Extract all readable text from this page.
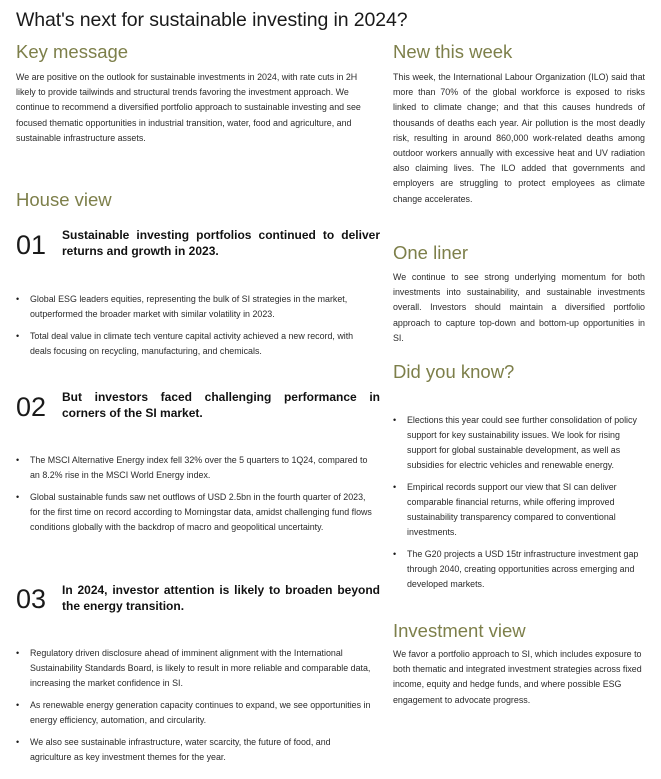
What's next for sustainable investing in 2024?
Key message

We are positive on the outlook for sustainable investments in 2024, with rate cuts in 2H likely to provide tailwinds and structural trends favoring the investment approach. We continue to recommend a diversified portfolio approach to sustainable investing and see focused thematic opportunities in industrial transition, water, food and agriculture, and sustainable infrastructure assets.

House view
01 Sustainable investing portfolios continued to deliver returns and growth in 2023.
• Global ESG leaders equities, representing the bulk of SI strategies in the market, outperformed the broader market with similar volatility in 2023.
• Total deal value in climate tech venture capital activity achieved a new record, with deals focusing on recycling, manufacturing, and chemicals.
02 But investors faced challenging performance in corners of the SI market.
• The MSCI Alternative Energy index fell 32% over the 5 quarters to 1Q24, compared to an 8.2% rise in the MSCI World Energy index.
• Global sustainable funds saw net outflows of USD 2.5bn in the fourth quarter of 2023, for the first time on record according to Morningstar data, amidst challenging fund flows conditions globally with the backdrop of macro and geopolitical uncertainty.
03 In 2024, investor attention is likely to broaden beyond the energy transition.
• Regulatory driven disclosure ahead of imminent alignment with the International Sustainability Standards Board, is likely to result in more reliable and comparable data, increasing the market confidence in SI.
• As renewable energy generation capacity continues to expand, we see opportunities in energy efficiency, automation, and circularity.
• We also see sustainable infrastructure, water scarcity, the future of food, and agriculture as key investment themes for the year.
New this week

This week, the International Labour Organization (ILO) said that more than 70% of the global workforce is exposed to risks linked to climate change; and that this causes hundreds of thousands of deaths each year. Air pollution is the most deadly risk, resulting in around 860,000 work-related deaths among outdoor workers annually with excessive heat and UV radiation also claiming lives. The ILO added that governments and employers are struggling to protect employees as climate change accelerates.

One liner

We continue to see strong underlying momentum for both investments into sustainability, and sustainable investments overall. Investors should maintain a diversified portfolio approach to capture top-down and bottom-up opportunities in SI.

Did you know?
• Elections this year could see further consolidation of policy support for key sustainability issues. We look for rising support for global sustainable development, as well as subsidies for electric vehicles and renewable energy.
• Empirical records support our view that SI can deliver comparable financial returns, while offering improved sustainability transparency compared to conventional investments.
• The G20 projects a USD 15tr infrastructure investment gap through 2040, creating opportunities across emerging and developed markets.
Investment view

We favor a portfolio approach to SI, which includes exposure to both thematic and integrated investment strategies across fixed income, equity and hedge funds, and where possible ESG engagement to advocate progress.
